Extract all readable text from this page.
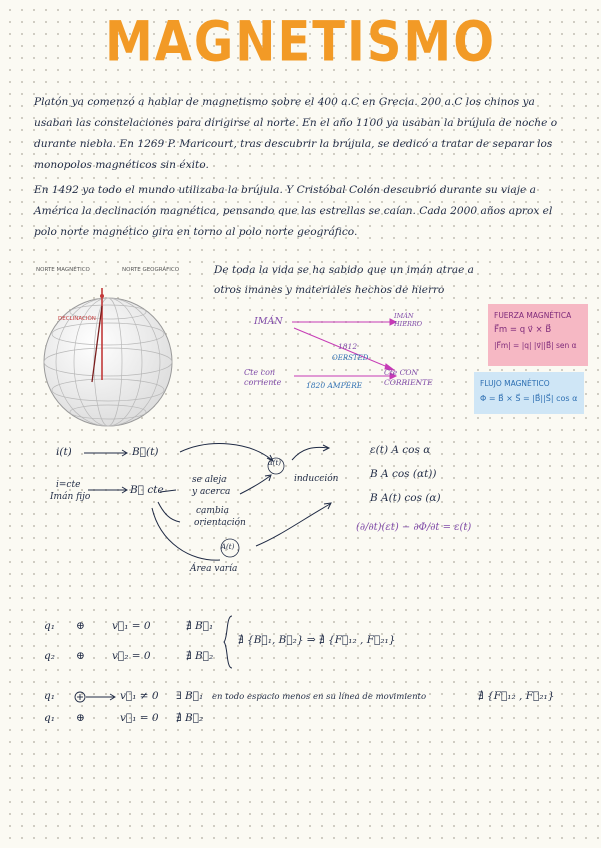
MAGNETISMO
Platón ya comenzó a hablar de magnetismo sobre el 400 a.C en Grecia. 200 a.C los chinos ya usaban las constelaciones para dirigirse al norte. En el año 1100 ya usaban la brújula de noche o durante niebla. En 1269 P. Maricourt, tras descubrir la brújula, se dedicó a tratar de separar los monopolos magnéticos sin éxito.
En 1492 ya todo el mundo utilizaba la brújula. Y Cristóbal Colón descubrió durante su viaje a América la declinación magnética, pensando que las estrellas se caían. Cada 2000 años aprox el polo norte magnético gira en torno al polo norte geográfico.
NORTE MAGNÉTICO	NORTE GEOGRÁFICO
DECLINACIÓN
De toda la vida se ha sabido que un imán atrae a
otros imanes y materiales hechos de hierro
IMÁN	IMÁN
HIERRO
1812
OERSTED
Cte con
corriente
Cte CON
CORRIENTE
1820 AMPÈRE
FUERZA MAGNÉTICA
F⃗m = q v⃗ × B⃗
|F⃗m| = |q| |v⃗||B⃗| sen α
FLUJO MAGNÉTICO
Φ = B⃗ × S⃗ = |B⃗||S⃗| cos α
i(t)	B⃗(t)
i=cte
Imán fijo
B⃗ cte
se aleja
y acerca
cambia
orientación
α(t)
A(t)
Área varía
inducción
ε(t) A cos α
B A cos (αt))
B A(t) cos (α)
(∂/∂t)(εt) − ∂Φ/∂t = ε(t)
q₁ ⊕	v⃗₁ = 0	∄ B⃗₁
q₂ ⊕	v⃗₂ = 0	∄ B⃗₂
∄ {B⃗₁, B⃗₂} ⇒ ∄ {F⃗₁₂ , F⃗₂₁}
q₁	v⃗₁ ≠ 0 ∃ B⃗₁ en todo espacio menos en su línea de movimiento	∄ {F⃗₁₂ , F⃗₂₁}
q₁ ⊕	v⃗₁ = 0 ∄ B⃗₂
